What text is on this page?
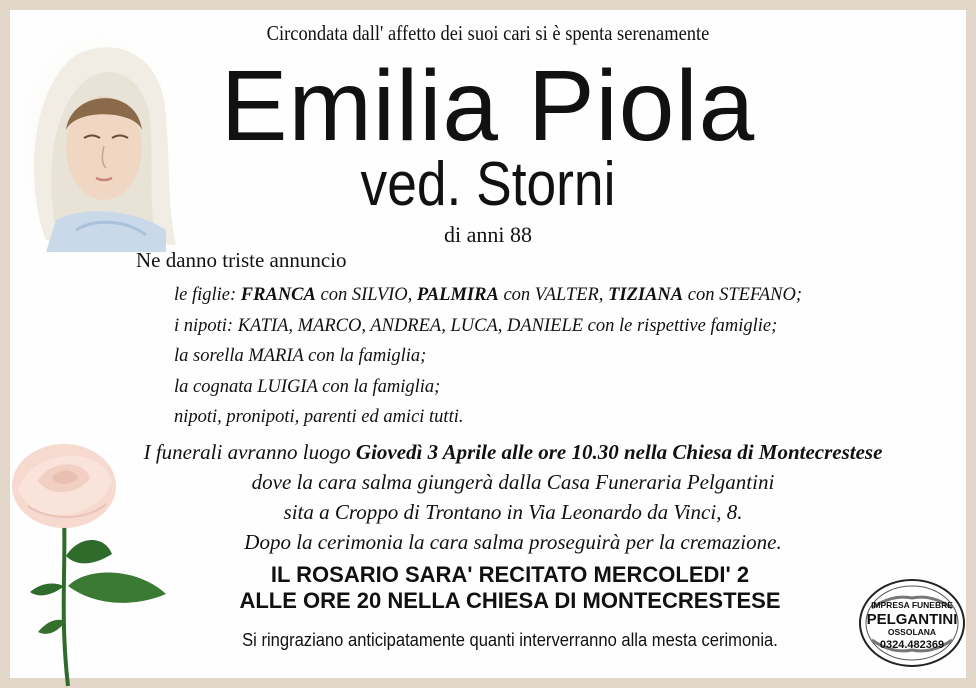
Circondata dall' affetto dei suoi cari si è spenta serenamente
Emilia Piola
ved. Storni
di anni 88
Ne danno triste annuncio
le figlie: FRANCA con SILVIO, PALMIRA con VALTER, TIZIANA con STEFANO;
i nipoti: KATIA, MARCO, ANDREA, LUCA, DANIELE con le rispettive famiglie;
la sorella MARIA con la famiglia;
la cognata LUIGIA con la famiglia;
nipoti, pronipoti, parenti ed amici tutti.
I funerali avranno luogo Giovedì 3 Aprile alle ore 10.30 nella Chiesa di Montecrestese
dove la cara salma giungerà dalla Casa Funeraria Pelgantini
sita a Croppo di Trontano in Via Leonardo da Vinci, 8.
Dopo la cerimonia la cara salma proseguirà per la cremazione.
IL ROSARIO SARA' RECITATO MERCOLEDI' 2
ALLE ORE 20 NELLA CHIESA DI MONTECRESTESE
Si ringraziano anticipatamente quanti interverranno alla mesta cerimonia.
IMPRESA FUNEBRE
PELGANTINI
OSSOLANA
0324.482369
